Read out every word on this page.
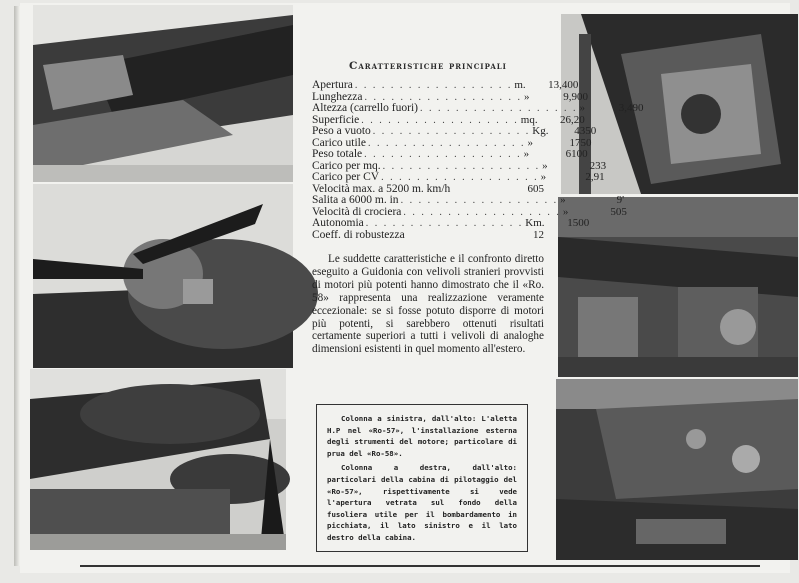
Caratteristiche principali
Apertura . . . . . . . . . . . . . . . . . . m.	13,400
Lunghezza . . . . . . . . . . . . . . . . . . »	9,900
Altezza (carrello fuori) . . . . . . . . . . . . . . . . . . »	3,490
Superficie . . . . . . . . . . . . . . . . . . mq.	26,20
Peso a vuoto . . . . . . . . . . . . . . . . . . Kg.	4350
Carico utile . . . . . . . . . . . . . . . . . . »	1750
Peso totale . . . . . . . . . . . . . . . . . . »	6100
Carico per mq. . . . . . . . . . . . . . . . . . . »	233
Carico per CV . . . . . . . . . . . . . . . . . . »	2,91
Velocità max. a 5200 m. km/h	605
Salita a 6000 m. in . . . . . . . . . . . . . . . . . . »	9'
Velocità di crociera . . . . . . . . . . . . . . . . . . »	505
Autonomia . . . . . . . . . . . . . . . . . . Km.	1500
Coeff. di robustezza	12

Le suddette caratteristiche e il confronto diretto eseguito a Guidonia con velivoli stranieri provvisti di motori più potenti hanno dimostrato che il «Ro. 58» rappresenta una realizzazione veramente eccezionale: se si fosse potuto disporre di motori più potenti, si sarebbero ottenuti risultati certamente superiori a tutti i velivoli di analoghe dimensioni esistenti in quel momento all'estero.

Colonna a sinistra, dall'alto: L'aletta H.P nel «Ro-57», l'installazione esterna degli strumenti del motore; particolare di prua del «Ro-58».

Colonna a destra, dall'alto: particolari della cabina di pilotaggio del «Ro-57», rispettivamente si vede l'apertura vetrata sul fondo della fusoliera utile per il bombardamento in picchiata, il lato sinistro e il lato destro della cabina.
